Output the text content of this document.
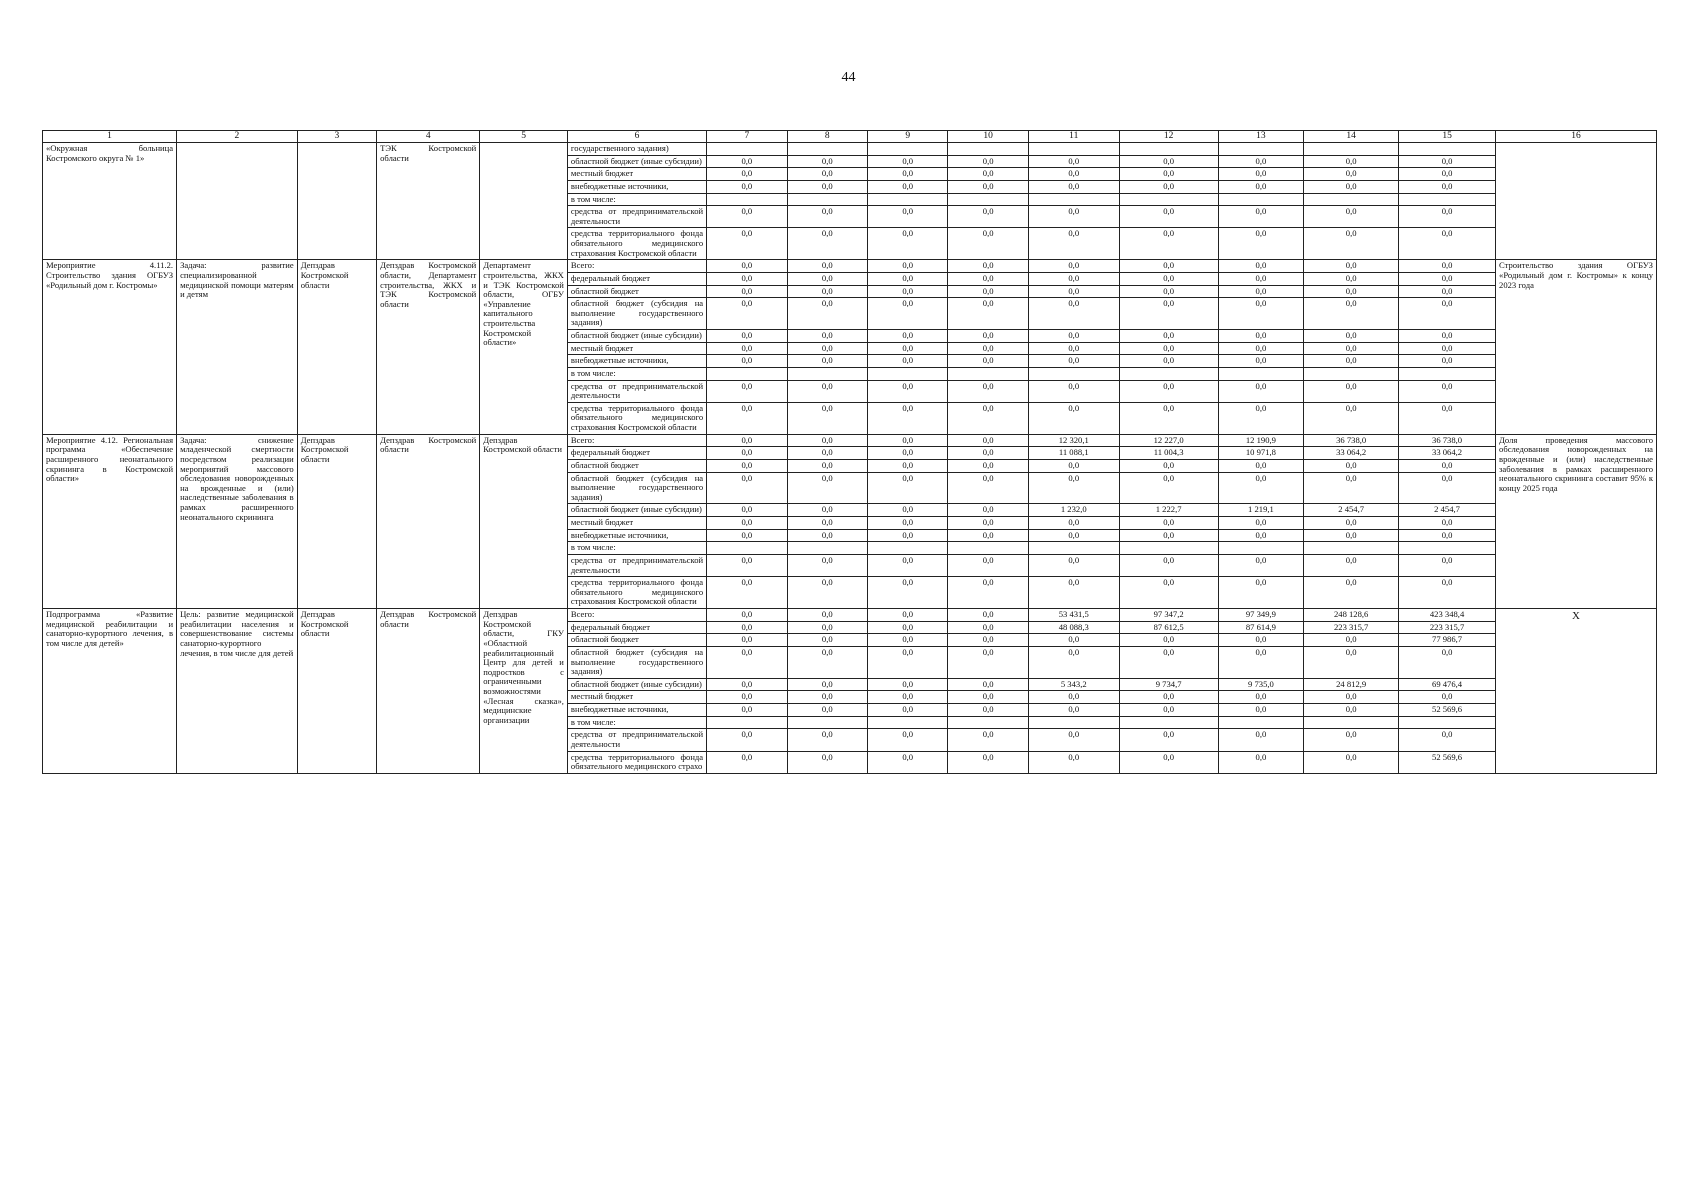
44
1	2	3	4	5	6	7	8	9	10	11	12	13	14	15	16
«Окружная больница Костромского округа № 1»			ТЭК Костромской области		государственного задания)										
					областной бюджет (иные субсидии)	0,0	0,0	0,0	0,0	0,0	0,0	0,0	0,0	0,0	
					местный бюджет	0,0	0,0	0,0	0,0	0,0	0,0	0,0	0,0	0,0	
					внебюджетные источники,	0,0	0,0	0,0	0,0	0,0	0,0	0,0	0,0	0,0	
					в том числе:										
					средства от предпринимательской деятельности	0,0	0,0	0,0	0,0	0,0	0,0	0,0	0,0	0,0	
					средства территориального фонда обязательного медицинского страхования Костромской области	0,0	0,0	0,0	0,0	0,0	0,0	0,0	0,0	0,0	
Мероприятие 4.11.2. Строительство здания ОГБУЗ «Родильный дом г. Костромы»	Задача: развитие специализированной медицинской помощи матерям и детям	Депздрав Костромской области	Депздрав Костромской области, Департамент строительства, ЖКХ и ТЭК Костромской области	Департамент строительства, ЖКХ и ТЭК Костромской области, ОГБУ «Управление капитального строительства Костромской области»	Всего:	0,0	0,0	0,0	0,0	0,0	0,0	0,0	0,0	0,0	Строительство здания ОГБУЗ «Родильный дом г. Костромы» к концу 2023 года
					федеральный бюджет	0,0	0,0	0,0	0,0	0,0	0,0	0,0	0,0	0,0	
					областной бюджет	0,0	0,0	0,0	0,0	0,0	0,0	0,0	0,0	0,0	
					областной бюджет (субсидия на выполнение государственного задания)	0,0	0,0	0,0	0,0	0,0	0,0	0,0	0,0	0,0	
					областной бюджет (иные субсидии)	0,0	0,0	0,0	0,0	0,0	0,0	0,0	0,0	0,0	
					местный бюджет	0,0	0,0	0,0	0,0	0,0	0,0	0,0	0,0	0,0	
					внебюджетные источники,	0,0	0,0	0,0	0,0	0,0	0,0	0,0	0,0	0,0	
					в том числе:										
					средства от предпринимательской деятельности	0,0	0,0	0,0	0,0	0,0	0,0	0,0	0,0	0,0	
					средства территориального фонда обязательного медицинского страхования Костромской области	0,0	0,0	0,0	0,0	0,0	0,0	0,0	0,0	0,0	
Мероприятие 4.12. Региональная программа «Обеспечение расширенного неонатального скрининга в Костромской области»	Задача: снижение младенческой смертности посредством реализации мероприятий массового обследования новорожденных на врожденные и (или) наследственные заболевания в рамках расширенного неонатального скрининга	Депздрав Костромской области	Депздрав Костромской области	Депздрав Костромской области	Всего:	0,0	0,0	0,0	0,0	12 320,1	12 227,0	12 190,9	36 738,0	36 738,0	Доля проведения массового обследования новорожденных на врожденные и (или) наследственные заболевания в рамках расширенного неонатального скрининга составит 95% к концу 2025 года
					федеральный бюджет	0,0	0,0	0,0	0,0	11 088,1	11 004,3	10 971,8	33 064,2	33 064,2	
					областной бюджет	0,0	0,0	0,0	0,0	0,0	0,0	0,0	0,0	0,0	
					областной бюджет (субсидия на выполнение государственного задания)	0,0	0,0	0,0	0,0	0,0	0,0	0,0	0,0	0,0	
					областной бюджет (иные субсидии)	0,0	0,0	0,0	0,0	1 232,0	1 222,7	1 219,1	2 454,7	2 454,7	
					местный бюджет	0,0	0,0	0,0	0,0	0,0	0,0	0,0	0,0	0,0	
					внебюджетные источники,	0,0	0,0	0,0	0,0	0,0	0,0	0,0	0,0	0,0	
					в том числе:										
					средства от предпринимательской деятельности	0,0	0,0	0,0	0,0	0,0	0,0	0,0	0,0	0,0	
					средства территориального фонда обязательного медицинского страхования Костромской области	0,0	0,0	0,0	0,0	0,0	0,0	0,0	0,0	0,0	
Подпрограмма «Развитие медицинской реабилитации и санаторно-курортного лечения, в том числе для детей»	Цель: развитие медицинской реабилитации населения и совершенствование системы санаторно-курортного лечения, в том числе для детей	Депздрав Костромской области	Депздрав Костромской области	Депздрав Костромской области, ГКУ «Областной реабилитационный Центр для детей и подростков с ограниченными возможностями «Лесная сказка», медицинские организации	Всего:	0,0	0,0	0,0	0,0	53 431,5	97 347,2	97 349,9	248 128,6	423 348,4	Х
					федеральный бюджет	0,0	0,0	0,0	0,0	48 088,3	87 612,5	87 614,9	223 315,7	223 315,7	
					областной бюджет	0,0	0,0	0,0	0,0	0,0	0,0	0,0	0,0	77 986,7	
					областной бюджет (субсидия на выполнение государственного задания)	0,0	0,0	0,0	0,0	0,0	0,0	0,0	0,0	0,0	
					областной бюджет (иные субсидии)	0,0	0,0	0,0	0,0	5 343,2	9 734,7	9 735,0	24 812,9	69 476,4	
					местный бюджет	0,0	0,0	0,0	0,0	0,0	0,0	0,0	0,0	0,0	
					внебюджетные источники,	0,0	0,0	0,0	0,0	0,0	0,0	0,0	0,0	52 569,6	
					в том числе:										
					средства от предпринимательской деятельности	0,0	0,0	0,0	0,0	0,0	0,0	0,0	0,0	0,0	
					средства территориального фонда обязательного медицинского страхо	0,0	0,0	0,0	0,0	0,0	0,0	0,0	0,0	52 569,6	
